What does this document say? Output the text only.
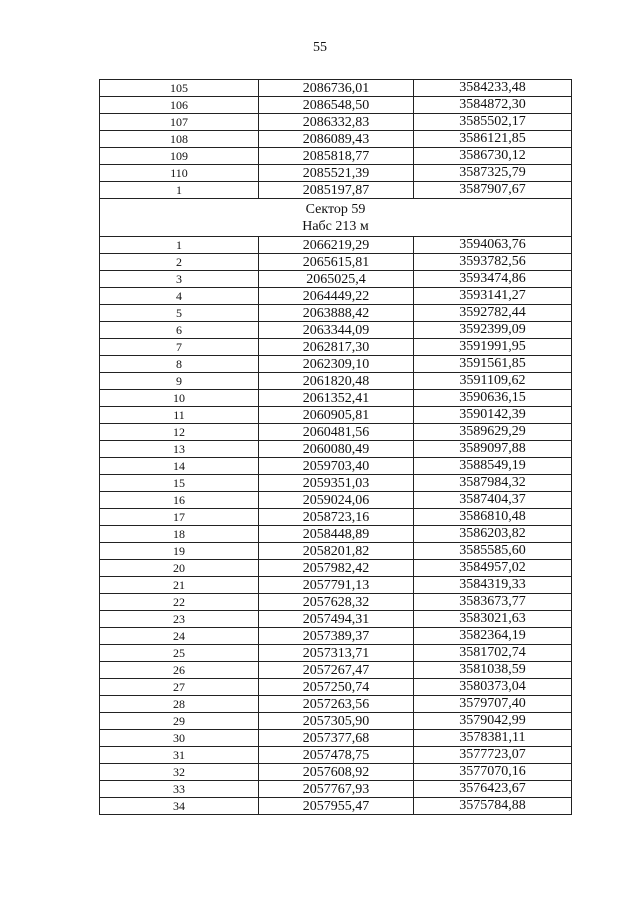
55
105	2086736,01	3584233,48
106	2086548,50	3584872,30
107	2086332,83	3585502,17
108	2086089,43	3586121,85
109	2085818,77	3586730,12
110	2085521,39	3587325,79
1	2085197,87	3587907,67

Сектор 59
Набс 213 м		

1	2066219,29	3594063,76
2	2065615,81	3593782,56
3	2065025,4	3593474,86
4	2064449,22	3593141,27
5	2063888,42	3592782,44
6	2063344,09	3592399,09
7	2062817,30	3591991,95
8	2062309,10	3591561,85
9	2061820,48	3591109,62
10	2061352,41	3590636,15
11	2060905,81	3590142,39
12	2060481,56	3589629,29
13	2060080,49	3589097,88
14	2059703,40	3588549,19
15	2059351,03	3587984,32
16	2059024,06	3587404,37
17	2058723,16	3586810,48
18	2058448,89	3586203,82
19	2058201,82	3585585,60
20	2057982,42	3584957,02
21	2057791,13	3584319,33
22	2057628,32	3583673,77
23	2057494,31	3583021,63
24	2057389,37	3582364,19
25	2057313,71	3581702,74
26	2057267,47	3581038,59
27	2057250,74	3580373,04
28	2057263,56	3579707,40
29	2057305,90	3579042,99
30	2057377,68	3578381,11
31	2057478,75	3577723,07
32	2057608,92	3577070,16
33	2057767,93	3576423,67
34	2057955,47	3575784,88
